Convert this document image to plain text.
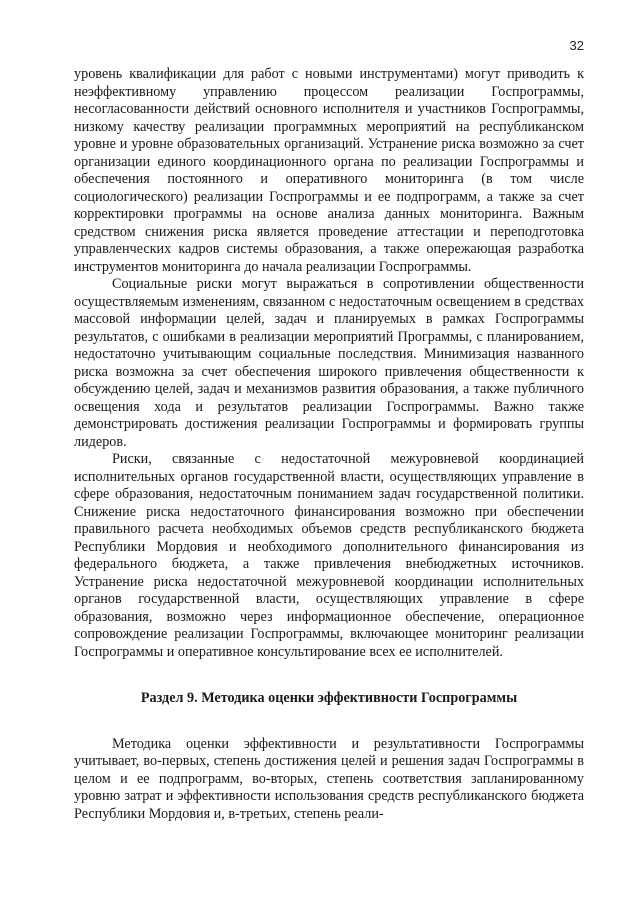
32

уровень квалификации для работ с новыми инструментами) могут приводить к неэффективному управлению процессом реализации Госпрограммы, несогласованности действий основного исполнителя и участников Госпрограммы, низкому качеству реализации программных мероприятий на республиканском уровне и уровне образовательных организаций. Устранение риска возможно за счет организации единого координационного органа по реализации Госпрограммы и обеспечения постоянного и оперативного мониторинга (в том числе социологического) реализации Госпрограммы и ее подпрограмм, а также за счет корректировки программы на основе анализа данных мониторинга. Важным средством снижения риска является проведение аттестации и переподготовка управленческих кадров системы образования, а также опережающая разработка инструментов мониторинга до начала реализации Госпрограммы.

Социальные риски могут выражаться в сопротивлении общественности осуществляемым изменениям, связанном с недостаточным освещением в средствах массовой информации целей, задач и планируемых в рамках Госпрограммы результатов, с ошибками в реализации мероприятий Программы, с планированием, недостаточно учитывающим социальные последствия. Минимизация названного риска возможна за счет обеспечения широкого привлечения общественности к обсуждению целей, задач и механизмов развития образования, а также публичного освещения хода и результатов реализации Госпрограммы. Важно также демонстрировать достижения реализации Госпрограммы и формировать группы лидеров.

Риски, связанные с недостаточной межуровневой координацией исполнительных органов государственной власти, осуществляющих управление в сфере образования, недостаточным пониманием задач государственной политики. Снижение риска недостаточного финансирования возможно при обеспечении правильного расчета необходимых объемов средств республиканского бюджета Республики Мордовия и необходимого дополнительного финансирования из федерального бюджета, а также привлечения внебюджетных источников. Устранение риска недостаточной межуровневой координации исполнительных органов государственной власти, осуществляющих управление в сфере образования, возможно через информационное обеспечение, операционное сопровождение реализации Госпрограммы, включающее мониторинг реализации Госпрограммы и оперативное консультирование всех ее исполнителей.

Раздел 9. Методика оценки эффективности Госпрограммы

Методика оценки эффективности и результативности Госпрограммы учитывает, во-первых, степень достижения целей и решения задач Госпрограммы в целом и ее подпрограмм, во-вторых, степень соответствия запланированному уровню затрат и эффективности использования средств республиканского бюджета Республики Мордовия и, в-третьих, степень реали-
